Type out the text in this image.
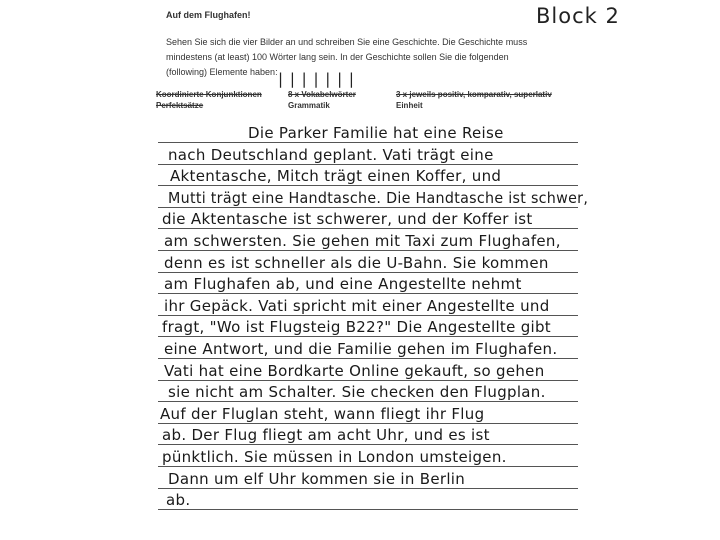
Block 2
Auf dem Flughafen!

Sehen Sie sich die vier Bilder an und schreiben Sie eine Geschichte. Die Geschichte muss
mindestens (at least) 100 Wörter lang sein. In der Geschichte sollen Sie die folgenden
(following) Elemente haben: | | | | | | |
Koordinierte Konjunktionen	8 x Vokabelwörter	3 x jeweils positiv, komparativ, superlativ
Perfektsätze	Grammatik	Einheit
Die Parker Familie hat eine Reise
nach Deutschland geplant. Vati trägt eine
Aktentasche, Mitch trägt einen Koffer, und
Mutti trägt eine Handtasche. Die Handtasche ist schwer,
die Aktentasche ist schwerer, und der Koffer ist
am schwersten. Sie gehen mit Taxi zum Flughafen,
denn es ist schneller als die U-Bahn. Sie kommen
am Flughafen ab, und eine Angestellte nehmt
ihr Gepäck. Vati spricht mit einer Angestellte und
fragt, "Wo ist Flugsteig B22?" Die Angestellte gibt
eine Antwort, und die Familie gehen im Flughafen.
Vati hat eine Bordkarte Online gekauft, so gehen
sie nicht am Schalter. Sie checken den Flugplan.
Auf der Fluglan steht, wann fliegt ihr Flug
ab. Der Flug fliegt am acht Uhr, und es ist
pünktlich. Sie müssen in London umsteigen.
Dann um elf Uhr kommen sie in Berlin
ab.
